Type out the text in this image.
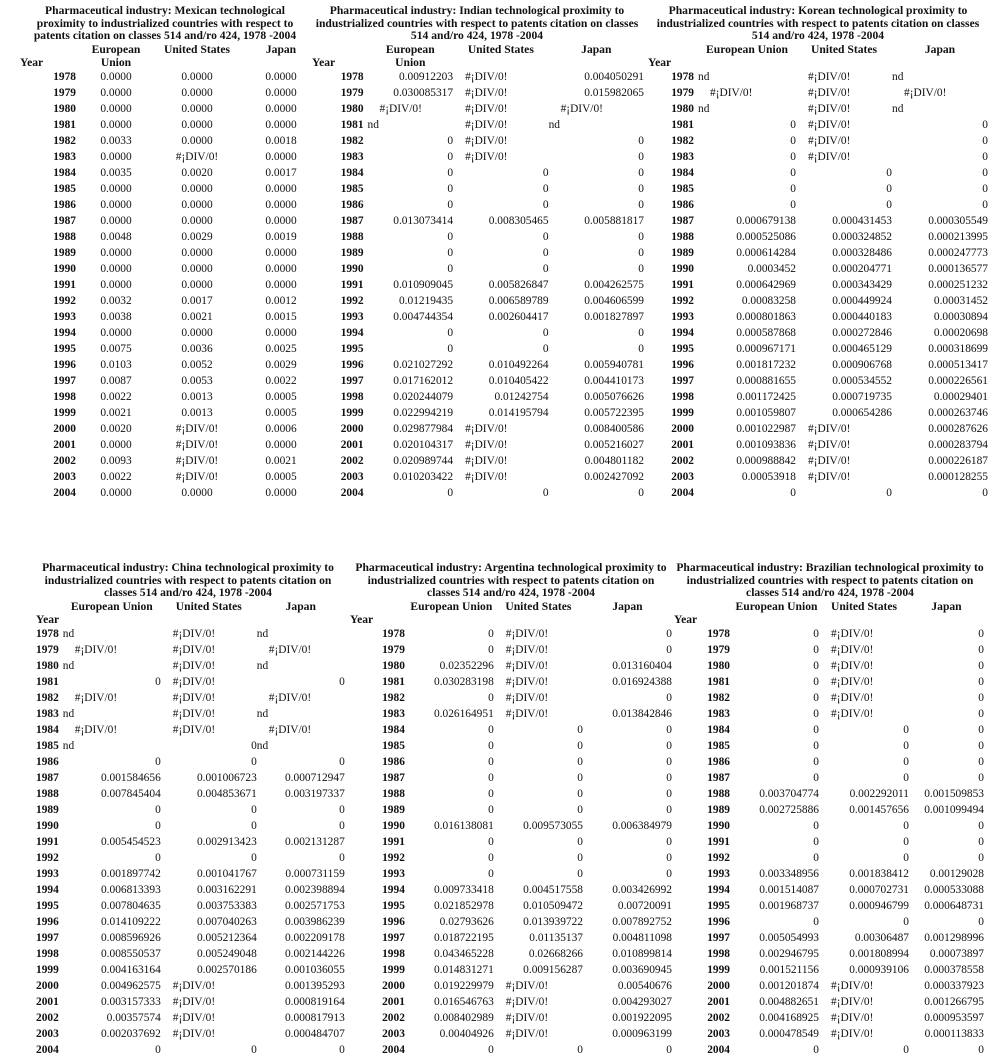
Pharmaceutical industry: Mexican technological proximity to industrialized countries with respect to patents citation on classes 514 and/ro 424, 1978 -2004
	European	United States	Japan
Year	Union		
1978	0.0000	0.0000	0.0000
1979	0.0000	0.0000	0.0000
1980	0.0000	0.0000	0.0000
1981	0.0000	0.0000	0.0000
1982	0.0033	0.0000	0.0018
1983	0.0000	#¡DIV/0!	0.0000
1984	0.0035	0.0020	0.0017
1985	0.0000	0.0000	0.0000
1986	0.0000	0.0000	0.0000
1987	0.0000	0.0000	0.0000
1988	0.0048	0.0029	0.0019
1989	0.0000	0.0000	0.0000
1990	0.0000	0.0000	0.0000
1991	0.0000	0.0000	0.0000
1992	0.0032	0.0017	0.0012
1993	0.0038	0.0021	0.0015
1994	0.0000	0.0000	0.0000
1995	0.0075	0.0036	0.0025
1996	0.0103	0.0052	0.0029
1997	0.0087	0.0053	0.0022
1998	0.0022	0.0013	0.0005
1999	0.0021	0.0013	0.0005
2000	0.0020	#¡DIV/0!	0.0006
2001	0.0000	#¡DIV/0!	0.0000
2002	0.0093	#¡DIV/0!	0.0021
2003	0.0022	#¡DIV/0!	0.0005
2004	0.0000	0.0000	0.0000
Pharmaceutical industry: Indian technological proximity to industrialized countries with respect to patents citation on classes 514 and/ro 424, 1978 -2004
	European	United States	Japan
Year	Union		
1978	0.00912203	#¡DIV/0!	0.004050291
1979	0.030085317	#¡DIV/0!	0.015982065
1980	#¡DIV/0!	#¡DIV/0!	#¡DIV/0!
1981	nd	#¡DIV/0!	nd
1982	0	#¡DIV/0!	0
1983	0	#¡DIV/0!	0
1984	0	0	0
1985	0	0	0
1986	0	0	0
1987	0.013073414	0.008305465	0.005881817
1988	0	0	0
1989	0	0	0
1990	0	0	0
1991	0.010909045	0.005826847	0.004262575
1992	0.01219435	0.006589789	0.004606599
1993	0.004744354	0.002604417	0.001827897
1994	0	0	0
1995	0	0	0
1996	0.021027292	0.010492264	0.005940781
1997	0.017162012	0.010405422	0.004410173
1998	0.020244079	0.01242754	0.005076626
1999	0.022994219	0.014195794	0.005722395
2000	0.029877984	#¡DIV/0!	0.008400586
2001	0.020104317	#¡DIV/0!	0.005216027
2002	0.020989744	#¡DIV/0!	0.004801182
2003	0.010203422	#¡DIV/0!	0.002427092
2004	0	0	0
Pharmaceutical industry: Korean technological proximity to industrialized countries with respect to patents citation on classes 514 and/ro 424, 1978 -2004
	European Union	United States	Japan
Year			
1978	nd	#¡DIV/0!	nd
1979	#¡DIV/0!	#¡DIV/0!	#¡DIV/0!
1980	nd	#¡DIV/0!	nd
1981	0	#¡DIV/0!	0
1982	0	#¡DIV/0!	0
1983	0	#¡DIV/0!	0
1984	0	0	0
1985	0	0	0
1986	0	0	0
1987	0.000679138	0.000431453	0.000305549
1988	0.000525086	0.000324852	0.000213995
1989	0.000614284	0.000328486	0.000247773
1990	0.0003452	0.000204771	0.000136577
1991	0.000642969	0.000343429	0.000251232
1992	0.00083258	0.000449924	0.00031452
1993	0.000801863	0.000440183	0.00030894
1994	0.000587868	0.000272846	0.00020698
1995	0.000967171	0.000465129	0.000318699
1996	0.001817232	0.000906768	0.000513417
1997	0.000881655	0.000534552	0.000226561
1998	0.001172425	0.000719735	0.00029401
1999	0.001059807	0.000654286	0.000263746
2000	0.001022987	#¡DIV/0!	0.000287626
2001	0.001093836	#¡DIV/0!	0.000283794
2002	0.000988842	#¡DIV/0!	0.000226187
2003	0.00053918	#¡DIV/0!	0.000128255
2004	0	0	0
Pharmaceutical industry: China technological proximity to industrialized countries with respect to patents citation on classes 514 and/ro 424, 1978 -2004
	European Union	United States	Japan
Year			
1978	nd	#¡DIV/0!	nd
1979	#¡DIV/0!	#¡DIV/0!	#¡DIV/0!
1980	nd	#¡DIV/0!	nd
1981	0	#¡DIV/0!	0
1982	#¡DIV/0!	#¡DIV/0!	#¡DIV/0!
1983	nd	#¡DIV/0!	nd
1984	#¡DIV/0!	#¡DIV/0!	#¡DIV/0!
1985	nd	0	nd
1986	0	0	0
1987	0.001584656	0.001006723	0.000712947
1988	0.007845404	0.004853671	0.003197337
1989	0	0	0
1990	0	0	0
1991	0.005454523	0.002913423	0.002131287
1992	0	0	0
1993	0.001897742	0.001041767	0.000731159
1994	0.006813393	0.003162291	0.002398894
1995	0.007804635	0.003753383	0.002571753
1996	0.014109222	0.007040263	0.003986239
1997	0.008596926	0.005212364	0.002209178
1998	0.008550537	0.005249048	0.002144226
1999	0.004163164	0.002570186	0.001036055
2000	0.004962575	#¡DIV/0!	0.001395293
2001	0.003157333	#¡DIV/0!	0.000819164
2002	0.00357574	#¡DIV/0!	0.000817913
2003	0.002037692	#¡DIV/0!	0.000484707
2004	0	0	0
Pharmaceutical industry: Argentina technological proximity to industrialized countries with respect to patents citation on classes 514 and/ro 424, 1978 -2004
	European Union	United States	Japan
Year			
1978	0	#¡DIV/0!	0
1979	0	#¡DIV/0!	0
1980	0.02352296	#¡DIV/0!	0.013160404
1981	0.030283198	#¡DIV/0!	0.016924388
1982	0	#¡DIV/0!	0
1983	0.026164951	#¡DIV/0!	0.013842846
1984	0	0	0
1985	0	0	0
1986	0	0	0
1987	0	0	0
1988	0	0	0
1989	0	0	0
1990	0.016138081	0.009573055	0.006384979
1991	0	0	0
1992	0	0	0
1993	0	0	0
1994	0.009733418	0.004517558	0.003426992
1995	0.021852978	0.010509472	0.00720091
1996	0.02793626	0.013939722	0.007892752
1997	0.018722195	0.01135137	0.004811098
1998	0.043465228	0.02668266	0.010899814
1999	0.014831271	0.009156287	0.003690945
2000	0.019229979	#¡DIV/0!	0.00540676
2001	0.016546763	#¡DIV/0!	0.004293027
2002	0.008402989	#¡DIV/0!	0.001922095
2003	0.00404926	#¡DIV/0!	0.000963199
2004	0	0	0
Pharmaceutical industry: Brazilian technological proximity to industrialized countries with respect to patents citation on classes 514 and/ro 424, 1978 -2004
	European Union	United States	Japan
Year			
1978	0	#¡DIV/0!	0
1979	0	#¡DIV/0!	0
1980	0	#¡DIV/0!	0
1981	0	#¡DIV/0!	0
1982	0	#¡DIV/0!	0
1983	0	#¡DIV/0!	0
1984	0	0	0
1985	0	0	0
1986	0	0	0
1987	0	0	0
1988	0.003704774	0.002292011	0.001509853
1989	0.002725886	0.001457656	0.001099494
1990	0	0	0
1991	0	0	0
1992	0	0	0
1993	0.003348956	0.001838412	0.00129028
1994	0.001514087	0.000702731	0.000533088
1995	0.001968737	0.000946799	0.000648731
1996	0	0	0
1997	0.005054993	0.00306487	0.001298996
1998	0.002946795	0.001808994	0.00073897
1999	0.001521156	0.000939106	0.000378558
2000	0.001201874	#¡DIV/0!	0.000337923
2001	0.004882651	#¡DIV/0!	0.001266795
2002	0.004168925	#¡DIV/0!	0.000953597
2003	0.000478549	#¡DIV/0!	0.000113833
2004	0	0	0
